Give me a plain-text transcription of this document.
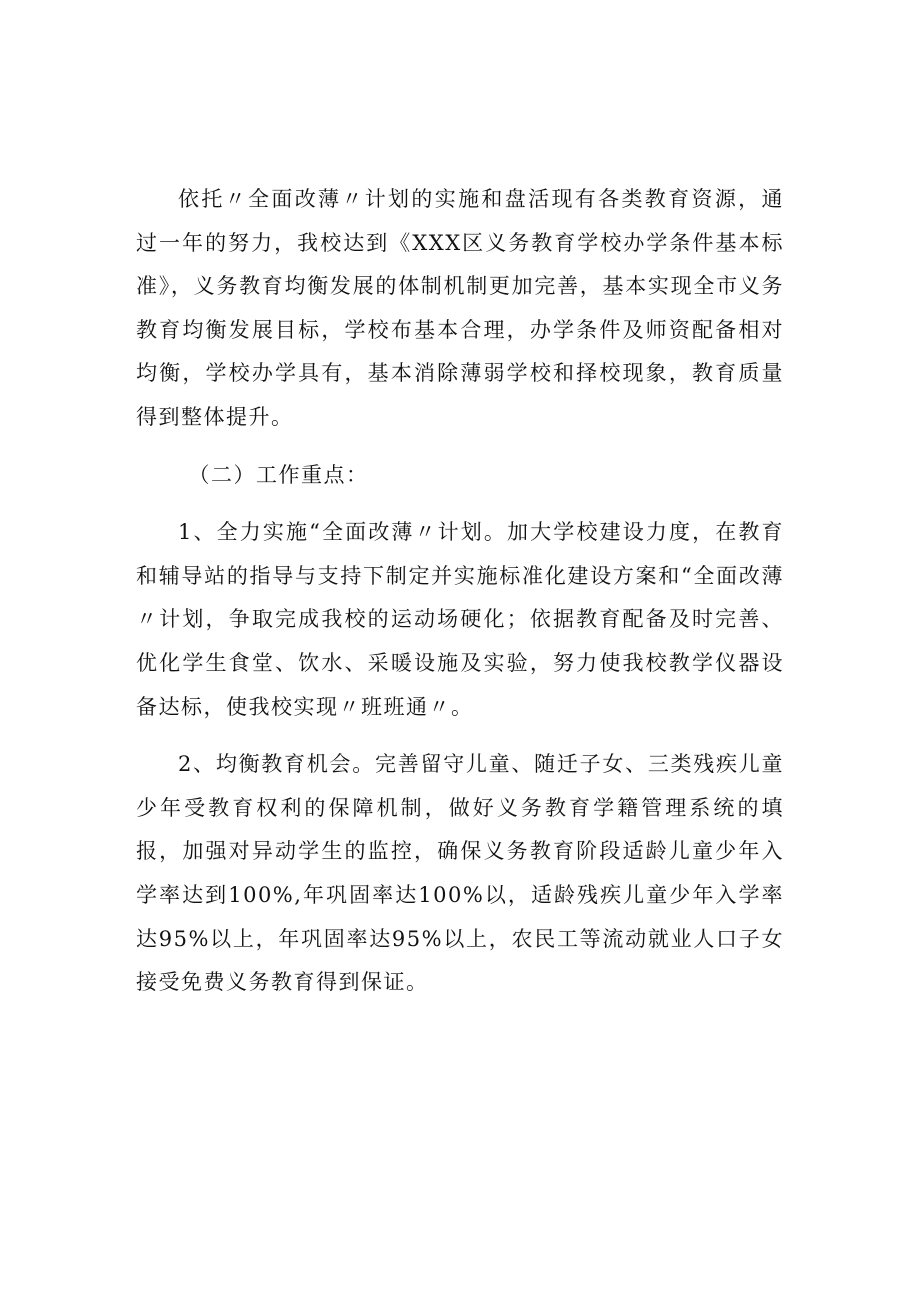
依托〃全面改薄〃计划的实施和盘活现有各类教育资源，通过一年的努力，我校达到《XXX区义务教育学校办学条件基本标准》，义务教育均衡发展的体制机制更加完善，基本实现全市义务教育均衡发展目标，学校布基本合理，办学条件及师资配备相对均衡，学校办学具有，基本消除薄弱学校和择校现象，教育质量得到整体提升。

（二）工作重点：

1、全力实施“全面改薄〃计划。加大学校建设力度，在教育和辅导站的指导与支持下制定并实施标准化建设方案和“全面改薄〃计划，争取完成我校的运动场硬化；依据教育配备及时完善、优化学生食堂、饮水、采暖设施及实验，努力使我校教学仪器设备达标，使我校实现〃班班通〃。

2、均衡教育机会。完善留守儿童、随迁子女、三类残疾儿童少年受教育权利的保障机制，做好义务教育学籍管理系统的填报，加强对异动学生的监控，确保义务教育阶段适龄儿童少年入学率达到100%,年巩固率达100%以，适龄残疾儿童少年入学率达95%以上，年巩固率达95%以上，农民工等流动就业人口子女接受免费义务教育得到保证。
